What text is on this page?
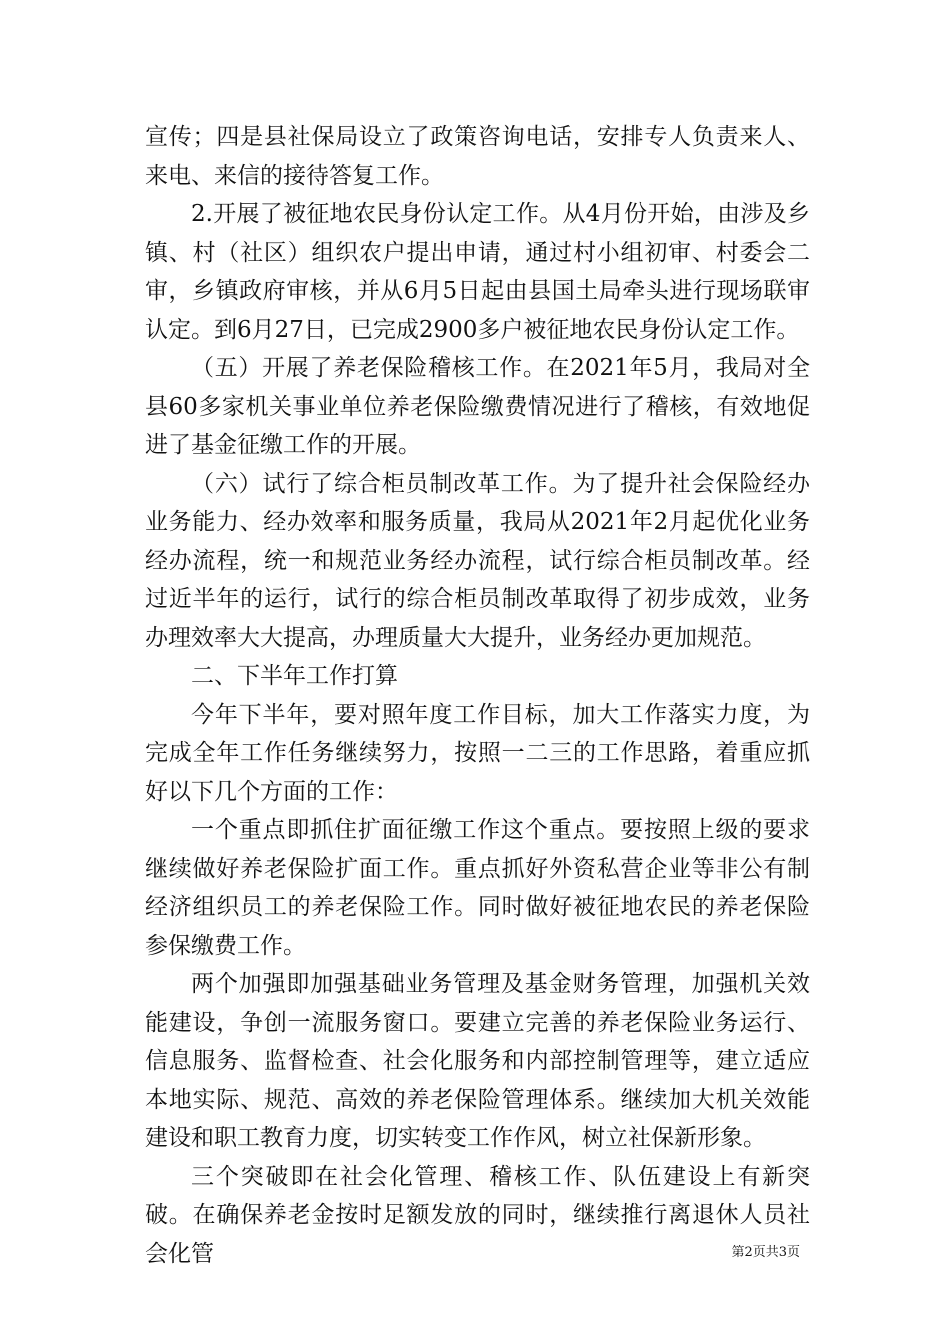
宣传；四是县社保局设立了政策咨询电话，安排专人负责来人、来电、来信的接待答复工作。

2.开展了被征地农民身份认定工作。从4月份开始，由涉及乡镇、村（社区）组织农户提出申请，通过村小组初审、村委会二审，乡镇政府审核，并从6月5日起由县国土局牵头进行现场联审认定。到6月27日，已完成2900多户被征地农民身份认定工作。

（五）开展了养老保险稽核工作。在2021年5月，我局对全县60多家机关事业单位养老保险缴费情况进行了稽核，有效地促进了基金征缴工作的开展。

（六）试行了综合柜员制改革工作。为了提升社会保险经办业务能力、经办效率和服务质量，我局从2021年2月起优化业务经办流程，统一和规范业务经办流程，试行综合柜员制改革。经过近半年的运行，试行的综合柜员制改革取得了初步成效，业务办理效率大大提高，办理质量大大提升，业务经办更加规范。

二、下半年工作打算

今年下半年，要对照年度工作目标，加大工作落实力度，为完成全年工作任务继续努力，按照一二三的工作思路，着重应抓好以下几个方面的工作：

一个重点即抓住扩面征缴工作这个重点。要按照上级的要求继续做好养老保险扩面工作。重点抓好外资私营企业等非公有制经济组织员工的养老保险工作。同时做好被征地农民的养老保险参保缴费工作。

两个加强即加强基础业务管理及基金财务管理，加强机关效能建设，争创一流服务窗口。要建立完善的养老保险业务运行、信息服务、监督检查、社会化服务和内部控制管理等，建立适应本地实际、规范、高效的养老保险管理体系。继续加大机关效能建设和职工教育力度，切实转变工作作风，树立社保新形象。

三个突破即在社会化管理、稽核工作、队伍建设上有新突破。在确保养老金按时足额发放的同时，继续推行离退休人员社会化管	第2页共3页
